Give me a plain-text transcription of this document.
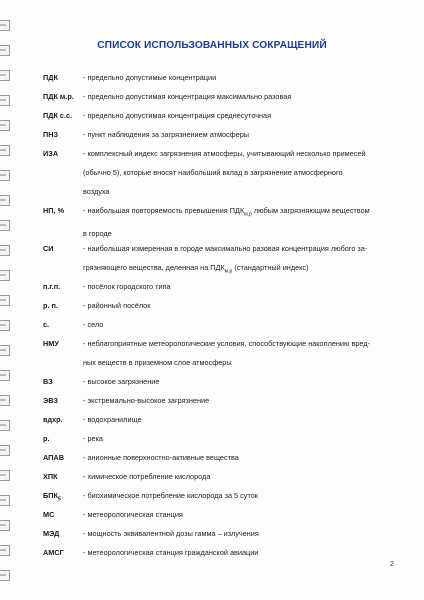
СПИСОК ИСПОЛЬЗОВАННЫХ СОКРАЩЕНИЙ
ПДК	- предельно допустимые концентрации
ПДК м.р. - предельно допустимая концентрация максимально разовая
ПДК с.с. - предельно допустимая концентрация среднесуточная
ПНЗ	- пункт наблюдения за загрязнением атмосферы
ИЗА	- комплексный индекс загрязнения атмосферы, учитывающий несколько примесей
(обычно 5), которые вносят наибольший вклад в загрязнение атмосферного
воздуха
НП, %	- наибольшая повторяемость превышения $ПДК_{м.р}$ любым загрязняющим веществом
в городе
СИ	- наибольшая измеренная в городе максимально разовая концентрация любого за-
грязняющего вещества, деленная на $ПДК_{м.р}$ (стандартный индекс)
п.г.п.	- посёлок городского типа
р. п.	- районный посёлок
с.	- село
НМУ	- неблагоприятные метеорологические условия, способствующие накоплению вред-
ных веществ в приземном слое атмосферы
ВЗ	- высокое загрязнение
ЭВЗ	- экстремально-высокое загрязнение
вдхр.	- водохранилище
р.	- река
АПАВ	- анионные поверхностно-активные вещества
ХПК	- химическое потребление кислорода
$БПК_5$	- биохимическое потребление кислорода за 5 суток
МС	- метеорологическая станция
МЭД	- мощность эквивалентной дозы гамма – излучения
АМСГ	- метеорологическая станция гражданской авиации
2
